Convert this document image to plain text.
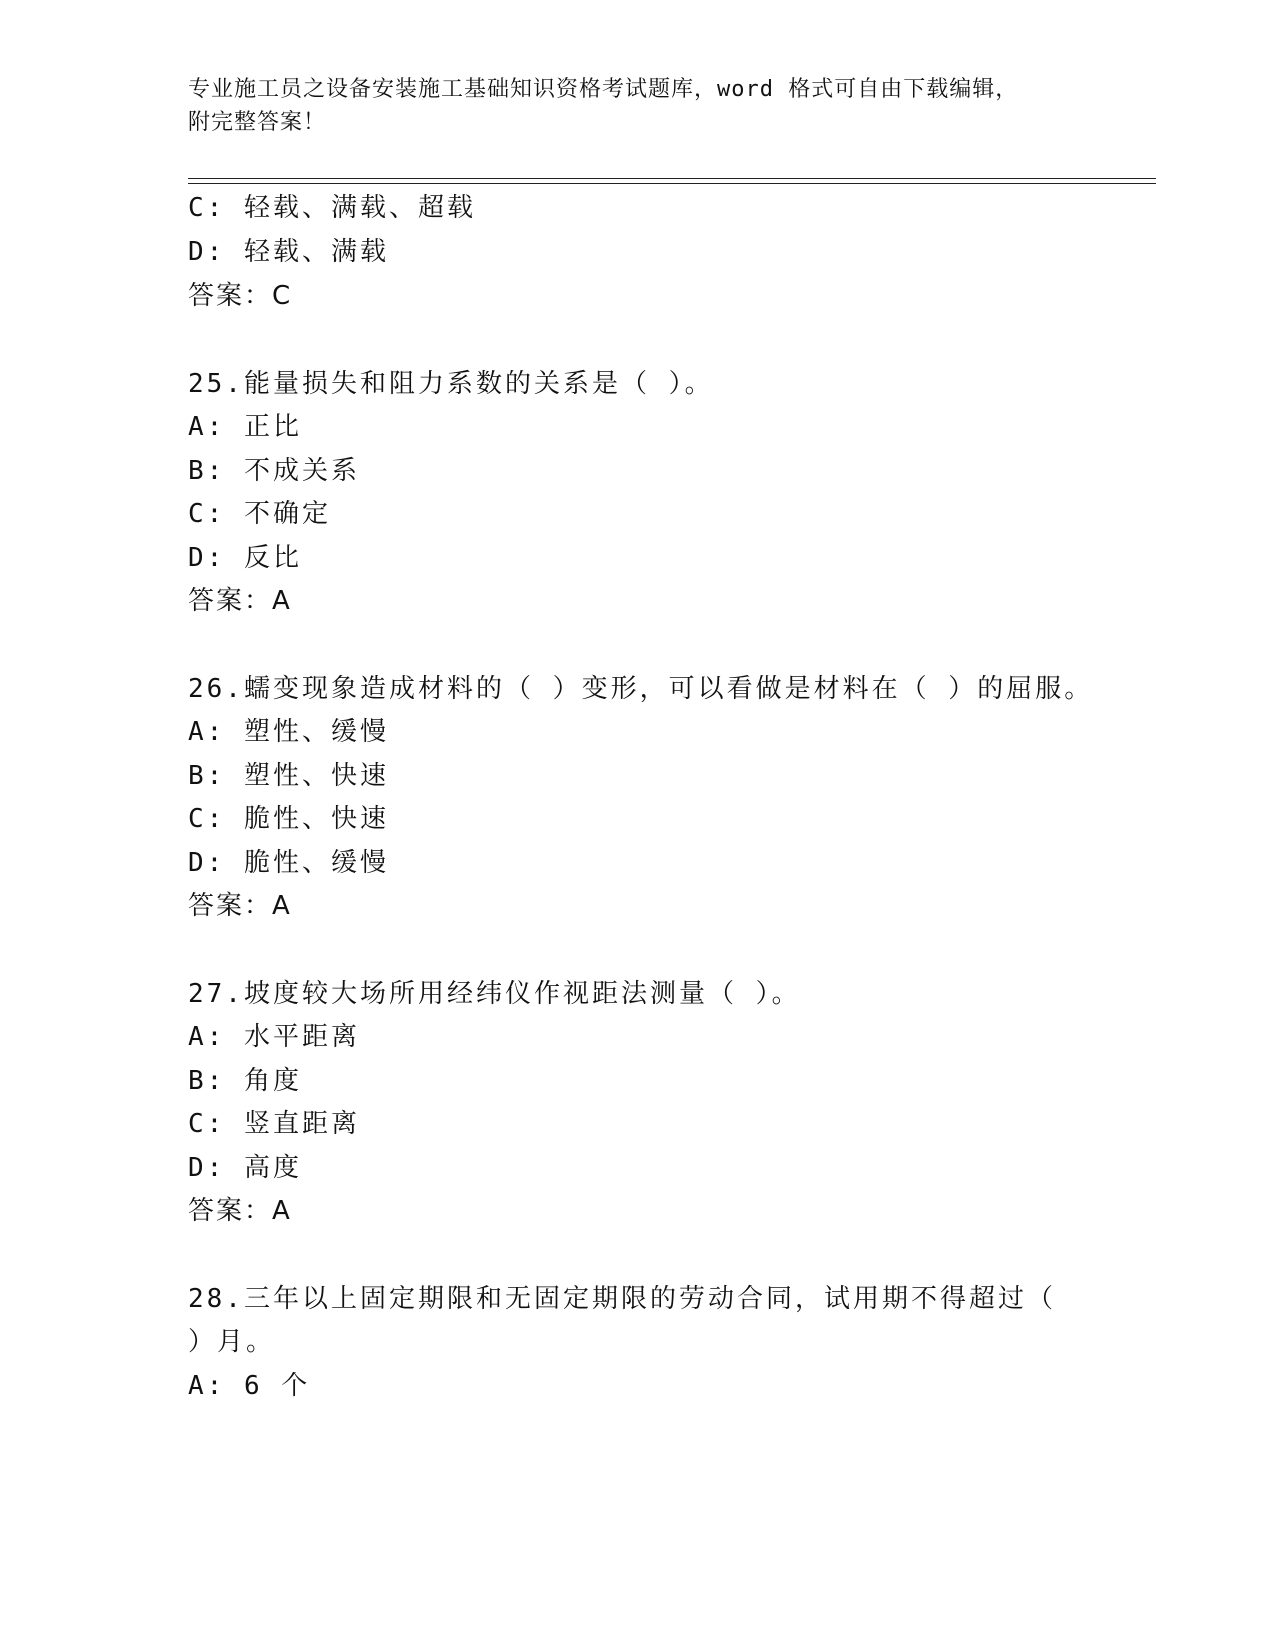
专业施工员之设备安装施工基础知识资格考试题库，word 格式可自由下载编辑，
附完整答案！
C: 轻载、满载、超载
D: 轻载、满载
答案：C
25.能量损失和阻力系数的关系是（ ）。
A: 正比
B: 不成关系
C: 不确定
D: 反比
答案：A
26.蠕变现象造成材料的（ ）变形，可以看做是材料在（ ）的屈服。
A: 塑性、缓慢
B: 塑性、快速
C: 脆性、快速
D: 脆性、缓慢
答案：A
27.坡度较大场所用经纬仪作视距法测量（ ）。
A: 水平距离
B: 角度
C: 竖直距离
D: 高度
答案：A
28.三年以上固定期限和无固定期限的劳动合同，试用期不得超过（
）月。
A: 6 个
